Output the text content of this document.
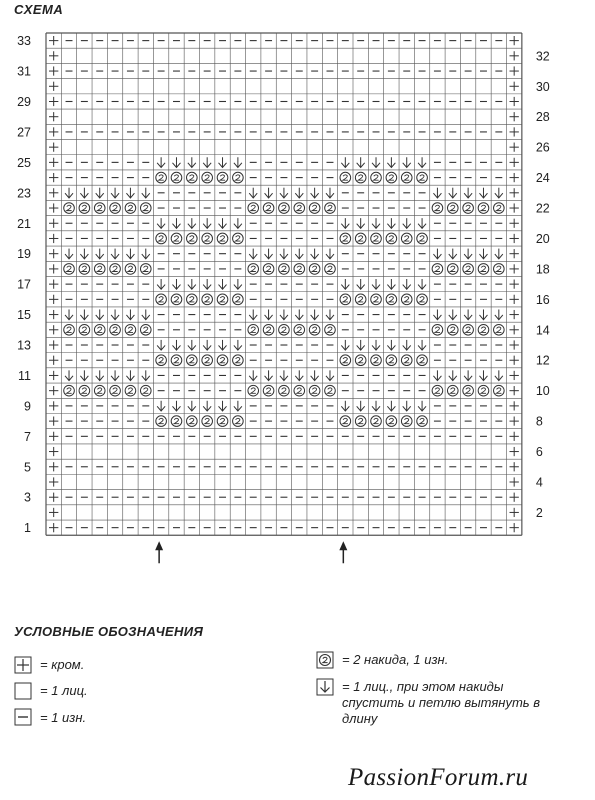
СХЕМА
1
3
5
7
9
11
13
15
17
19
21
23
25
27
29
31
33
2
4
6
8
10
12
14
16
18
20
22
24
26
28
30
32
УСЛОВНЫЕ ОБОЗНАЧЕНИЯ
= кром.
= 1 лиц.
= 1 изн.
= 2 накида, 1 изн.
= 1 лиц., при этом накиды спустить и петлю вытянуть в длину
PassionForum.ru
